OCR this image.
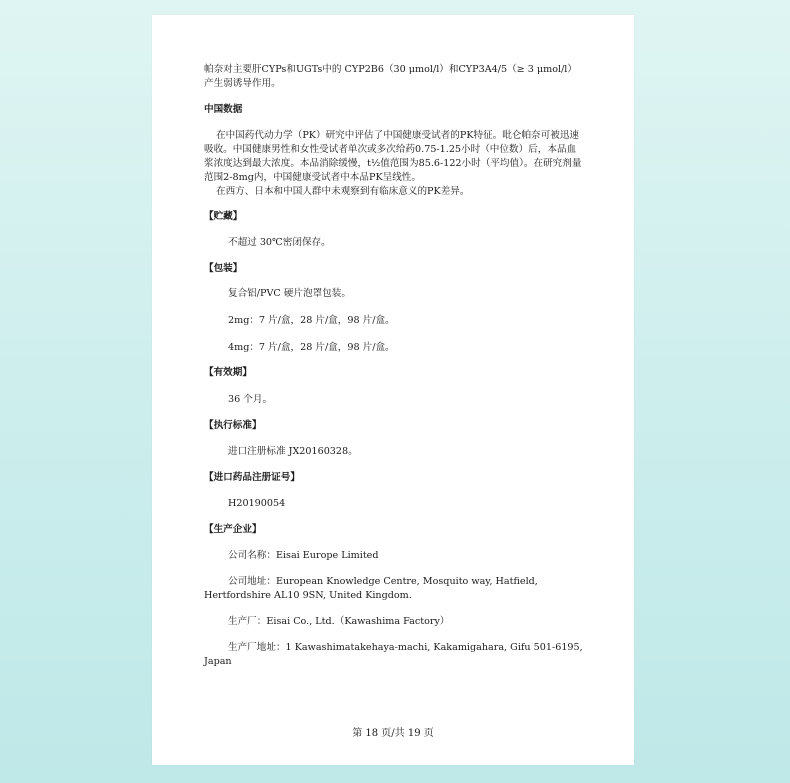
帕奈对主要肝CYPs和UGTs中的 CYP2B6（30 μmol/l）和CYP3A4/5（≥ 3 μmol/l）产生弱诱导作用。

中国数据

在中国药代动力学（PK）研究中评估了中国健康受试者的PK特征。吡仑帕奈可被迅速吸收。中国健康男性和女性受试者单次或多次给药0.75-1.25小时（中位数）后，本品血浆浓度达到最大浓度。本品消除缓慢，t½值范围为85.6-122小时（平均值）。在研究剂量范围2-8mg内，中国健康受试者中本品PK呈线性。

在西方、日本和中国人群中未观察到有临床意义的PK差异。

【贮藏】

不超过 30℃密闭保存。

【包装】

复合铝/PVC 硬片泡罩包装。

2mg：7 片/盒，28 片/盒，98 片/盒。

4mg：7 片/盒，28 片/盒，98 片/盒。

【有效期】

36 个月。

【执行标准】

进口注册标准 JX20160328。

【进口药品注册证号】

H20190054

【生产企业】

公司名称：Eisai Europe Limited

公司地址：European Knowledge Centre, Mosquito way, Hatfield, Hertfordshire AL10 9SN, United Kingdom.

生产厂：Eisai Co., Ltd.（Kawashima Factory）

生产厂地址：1 Kawashimatakehaya-machi, Kakamigahara, Gifu 501-6195, Japan

第 18 页/共 19 页
